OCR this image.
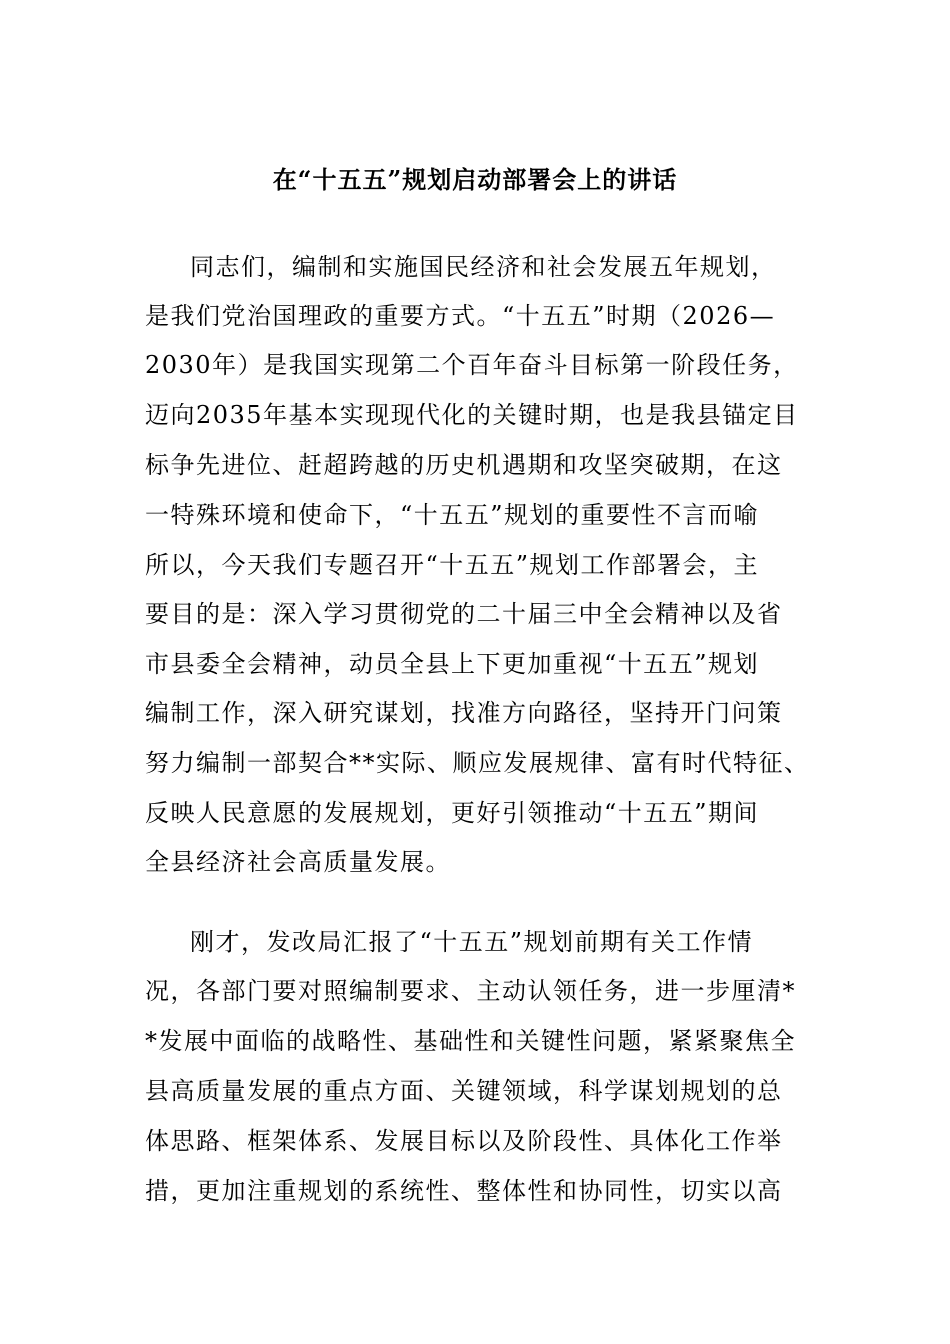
在“十五五”规划启动部署会上的讲话
同志们，编制和实施国民经济和社会发展五年规划，
是我们党治国理政的重要方式。“十五五”时期（2026—
2030年）是我国实现第二个百年奋斗目标第一阶段任务，
迈向2035年基本实现现代化的关键时期，也是我县锚定目
标争先进位、赶超跨越的历史机遇期和攻坚突破期，在这
一特殊环境和使命下，“十五五”规划的重要性不言而喻
所以，今天我们专题召开“十五五”规划工作部署会，主
要目的是：深入学习贯彻党的二十届三中全会精神以及省
市县委全会精神，动员全县上下更加重视“十五五”规划
编制工作，深入研究谋划，找准方向路径，坚持开门问策
努力编制一部契合**实际、顺应发展规律、富有时代特征、
反映人民意愿的发展规划，更好引领推动“十五五”期间
全县经济社会高质量发展。
刚才，发改局汇报了“十五五”规划前期有关工作情
况，各部门要对照编制要求、主动认领任务，进一步厘清*
*发展中面临的战略性、基础性和关键性问题，紧紧聚焦全
县高质量发展的重点方面、关键领域，科学谋划规划的总
体思路、框架体系、发展目标以及阶段性、具体化工作举
措，更加注重规划的系统性、整体性和协同性，切实以高
